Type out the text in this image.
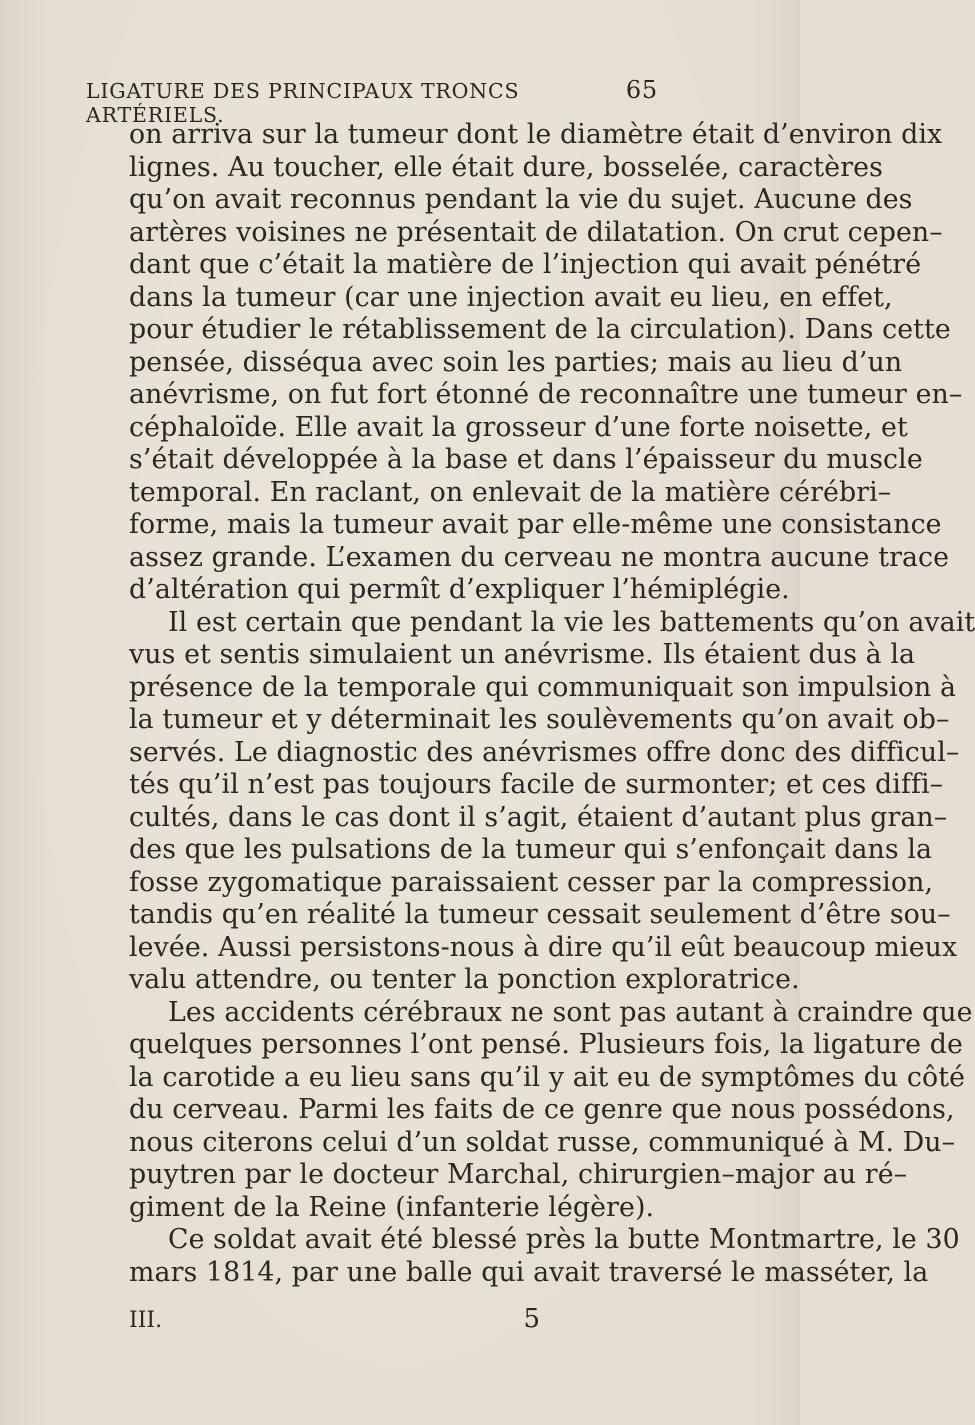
LIGATURE DES PRINCIPAUX TRONCS ARTÉRIELS.
65
on arriva sur la tumeur dont le diamètre était d’environ dix
lignes. Au toucher, elle était dure, bosselée, caractères
qu’on avait reconnus pendant la vie du sujet. Aucune des
artères voisines ne présentait de dilatation. On crut cepen–
dant que c’était la matière de l’injection qui avait pénétré
dans la tumeur (car une injection avait eu lieu, en effet,
pour étudier le rétablissement de la circulation). Dans cette
pensée, disséqua avec soin les parties; mais au lieu d’un
anévrisme, on fut fort étonné de reconnaître une tumeur en–
céphaloïde. Elle avait la grosseur d’une forte noisette, et
s’était développée à la base et dans l’épaisseur du muscle
temporal. En raclant, on enlevait de la matière cérébri–
forme, mais la tumeur avait par elle-même une consistance
assez grande. L’examen du cerveau ne montra aucune trace
d’altération qui permît d’expliquer l’hémiplégie.
Il est certain que pendant la vie les battements qu’on avait
vus et sentis simulaient un anévrisme. Ils étaient dus à la
présence de la temporale qui communiquait son impulsion à
la tumeur et y déterminait les soulèvements qu’on avait ob–
servés. Le diagnostic des anévrismes offre donc des difficul–
tés qu’il n’est pas toujours facile de surmonter; et ces diffi–
cultés, dans le cas dont il s’agit, étaient d’autant plus gran–
des que les pulsations de la tumeur qui s’enfonçait dans la
fosse zygomatique paraissaient cesser par la compression,
tandis qu’en réalité la tumeur cessait seulement d’être sou–
levée. Aussi persistons-nous à dire qu’il eût beaucoup mieux
valu attendre, ou tenter la ponction exploratrice.
Les accidents cérébraux ne sont pas autant à craindre que
quelques personnes l’ont pensé. Plusieurs fois, la ligature de
la carotide a eu lieu sans qu’il y ait eu de symptômes du côté
du cerveau. Parmi les faits de ce genre que nous possédons,
nous citerons celui d’un soldat russe, communiqué à M. Du–
puytren par le docteur Marchal, chirurgien–major au ré–
giment de la Reine (infanterie légère).
Ce soldat avait été blessé près la butte Montmartre, le 30
mars 1814, par une balle qui avait traversé le masséter, la
III.	5
